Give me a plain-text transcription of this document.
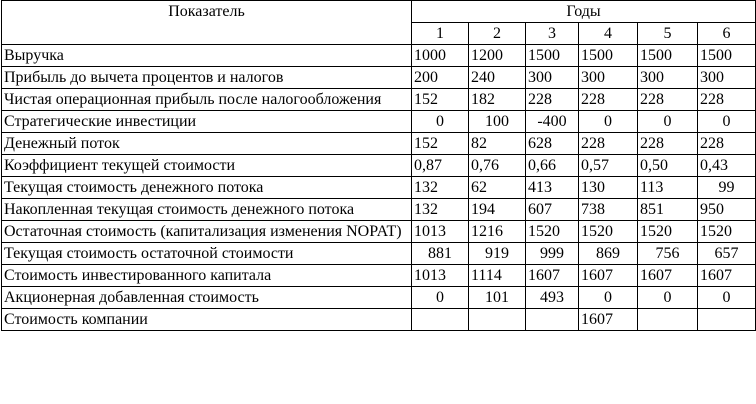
Показатель	Годы					
	1	2	3	4	5	6
Выручка	1000	1200	1500	1500	1500	1500
Прибыль до вычета процентов и налогов	200	240	300	300	300	300
Чистая операционная прибыль после налогообложения	152	182	228	228	228	228
Стратегические инвестиции	0	100	-400	0	0	0
Денежный поток	152	82	628	228	228	228
Коэффициент текущей стоимости	0,87	0,76	0,66	0,57	0,50	0,43
Текущая стоимость денежного потока	132	62	413	130	113	99
Накопленная текущая стоимость денежного потока	132	194	607	738	851	950
Остаточная стоимость (капитализация изменения NOPAT)	1013	1216	1520	1520	1520	1520
Текущая стоимость остаточной стоимости	881	919	999	869	756	657
Стоимость инвестированного капитала	1013	1114	1607	1607	1607	1607
Акционерная добавленная стоимость	0	101	493	0	0	0
Стоимость компании				1607		
